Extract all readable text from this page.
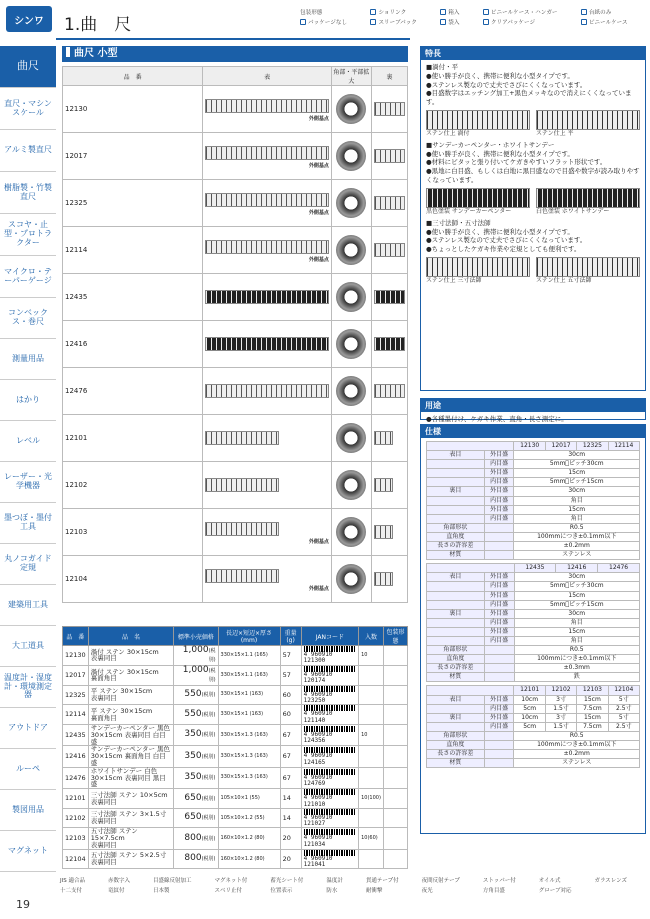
シンワ	1.曲　尺
包装形態	ショリンク	箱入	ビニールケース・ハンガー	台紙のみ
パッケージなし	スリーブパック	袋入	クリアパッケージ	ビニールケース
曲尺
直尺・マシンスケール
アルミ製直尺
樹脂製・竹製直尺
スコヤ・止型・プロトラクター
マイクロ・テーパーゲージ
コンベックス・巻尺
測量用品
はかり
レベル
レーザー・光学機器
墨つぼ・墨付工具
丸ノコガイド定規
建築用工具
大工道具
温度計・湿度計・環境測定器
アウトドア
ルーペ
製図用品
マグネット
19
曲尺 小型
品　番	表	角部・平部拡大	裏
12130	外側基点		

12017	外側基点		

12325	外側基点		

12114	外側基点		

12435	

12416	

12476	

12101	

12102	

12103	外側基点		

12104	外側基点		

品　番	品　名	標準小売価格	長辺×短辺×厚さ(mm)	重量(g)	JANコード	入数	包装形態
12130	渦付 ステン 30×15cm
表裏同目	1,000(税別)	330×15×1.1 (165)	57	4 960910 121300	10	
12017	渦付 ステン 30×15cm
裏面角目	1,000(税別)	330×15×1.1 (163)	57	4 960910 120174		

12325	平 ステン 30×15cm
表裏同目	550(税別)	330×15×1 (163)	60	4 960910 123250		

12114	平 ステン 30×15cm
裏面角目	550(税別)	330×15×1 (163)	60	4 960910 121140		

12435	サンデーカーペンター 黒色
30×15cm 表裏同目 白目盛	350(税別)	330×15×1.3 (163)	67	4 960910 124356	10	
12416	サンデーカーペンター 黒色
30×15cm 裏面角目 白目盛	350(税別)	330×15×1.3 (163)	67	4 960910 124165		

12476	ホワイトサンデー 白色
30×15cm 表裏同目 黒目盛	350(税別)	330×15×1.3 (163)	67	4 960910 124769		

12101	三寸法師 ステン 10×5cm
表裏同目	650(税別)	105×10×1 (55)	14	4 960910 121010	10(100)	
12102	三寸法師 ステン 3×1.5寸
表裏同目	650(税別)	105×10×1.2 (55)	14	4 960910 121027		

12103	五寸法師 ステン 15×7.5cm
表裏同目	800(税別)	160×10×1.2 (80)	20	4 960910 121034	10(60)	
12104	五寸法師 ステン 5×2.5寸
表裏同目	800(税別)	160×10×1.2 (80)	20	4 960910 121041		

特長

■渦付・平

●使い勝手が良く、携帯に便利な小型タイプです。

●ステンレス製なので丈夫でさびにくくなっています。

●目盛数字はエッチング加工+黒色メッキなので消えにくくなっています。

ステン仕上 渦付	ステン仕上 平

■サンデーカーペンター・ホワイトサンデー

●使い勝手が良く、携帯に便利な小型タイプです。

●材料にピタッと張り付いてケガきやすいフラット形状です。

●黒地に白目盛、もしくは白地に黒目盛なので目盛や数字が読み取りやすくなっています。

黒色塗装 サンデーカーペンター	白色塗装 ホワイトサンデー

■三寸法師・五寸法師

●使い勝手が良く、携帯に便利な小型タイプです。

●ステンレス製なので丈夫でさびにくくなっています。

●ちょっとしたケガキ作業や定規としても便利です。

ステン仕上 三寸法師	ステン仕上 五寸法師

用途
●各種墨付け、ケガキ作業、直角・長さ測定に。
仕様
		12130	12017	12325	12114
表目	外目盛	30cm			
	内目盛	5mm゚ピッチ30cm			
	外目盛	15cm			
	内目盛	5mm゚ピッチ15cm			
裏目	外目盛	30cm			
	内目盛	角目			
	外目盛	15cm			
	内目盛	角目			
角部形状		R0.5			
直角度		100mmにつき±0.1mm以下			
長さの許容差		±0.2mm			
材質		ステンレス			
		12435	12416	12476
表目	外目盛	30cm		
	内目盛	5mm゚ピッチ30cm		
	外目盛	15cm		
	内目盛	5mm゚ピッチ15cm		
裏目	外目盛	30cm		
	内目盛	角目		
	外目盛	15cm		
	内目盛	角目		
角部形状		R0.5		
直角度		100mmにつき±0.1mm以下		
長さの許容差		±0.3mm		
材質		鉄		
		12101	12102	12103	12104
表目	外目盛	10cm	3寸	15cm	5寸
	内目盛	5cm	1.5寸	7.5cm	2.5寸
裏目	外目盛	10cm	3寸	15cm	5寸
	内目盛	5cm	1.5寸	7.5cm	2.5寸
角部形状		R0.5			
直角度		100mmにつき±0.1mm以下			
長さの許容差		±0.2mm			
材質		ステンレス			
JIS 適合品	赤数字入	目盛線反射加工	マグネット付	蓄光シート付	温度計	貫通テープ付	夜間反射テープ	ストッパー付	オイル式	ガラスレンズ
十二支付	竜紋付	日本製	スベリ止付	位置表示	防水	耐衝撃	夜光	方角目盛	グローブ対応
